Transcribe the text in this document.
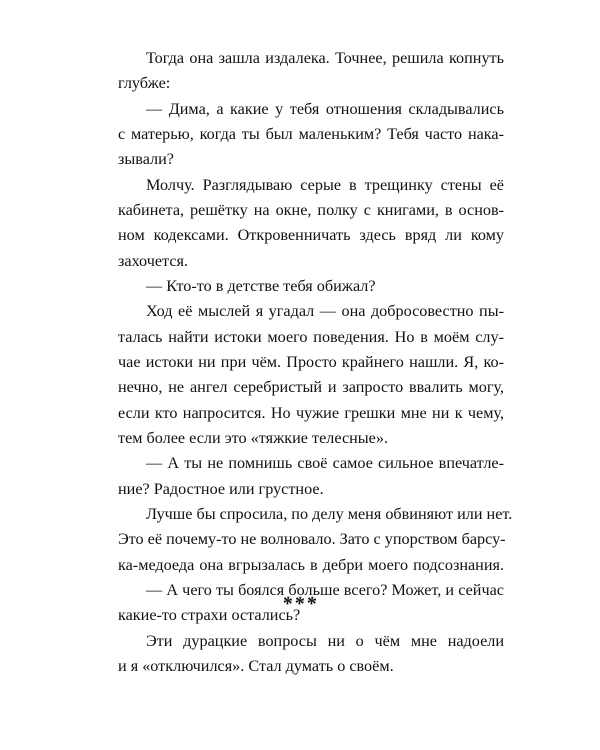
Тогда она зашла издалека. Точнее, решила копнуть
глубже:
— Дима, а какие у тебя отношения складывались
с матерью, когда ты был маленьким? Тебя часто нака-
зывали?
Молчу. Разглядываю серые в трещинку стены её
кабинета, решётку на окне, полку с книгами, в основ-
ном кодексами. Откровенничать здесь вряд ли кому
захочется.
— Кто-то в детстве тебя обижал?
Ход её мыслей я угадал — она добросовестно пы-
талась найти истоки моего поведения. Но в моём слу-
чае истоки ни при чём. Просто крайнего нашли. Я, ко-
нечно, не ангел серебристый и запросто ввалить могу,
если кто напросится. Но чужие грешки мне ни к чему,
тем более если это «тяжкие телесные».
— А ты не помнишь своё самое сильное впечатле-
ние? Радостное или грустное.
Лучше бы спросила, по делу меня обвиняют или нет.
Это её почему-то не волновало. Зато с упорством барсу-
ка-медоеда она вгрызалась в дебри моего подсознания.
— А чего ты боялся больше всего? Может, и сейчас
какие-то страхи остались?
Эти дурацкие вопросы ни о чём мне надоели
и я «отключился». Стал думать о своём.
***
